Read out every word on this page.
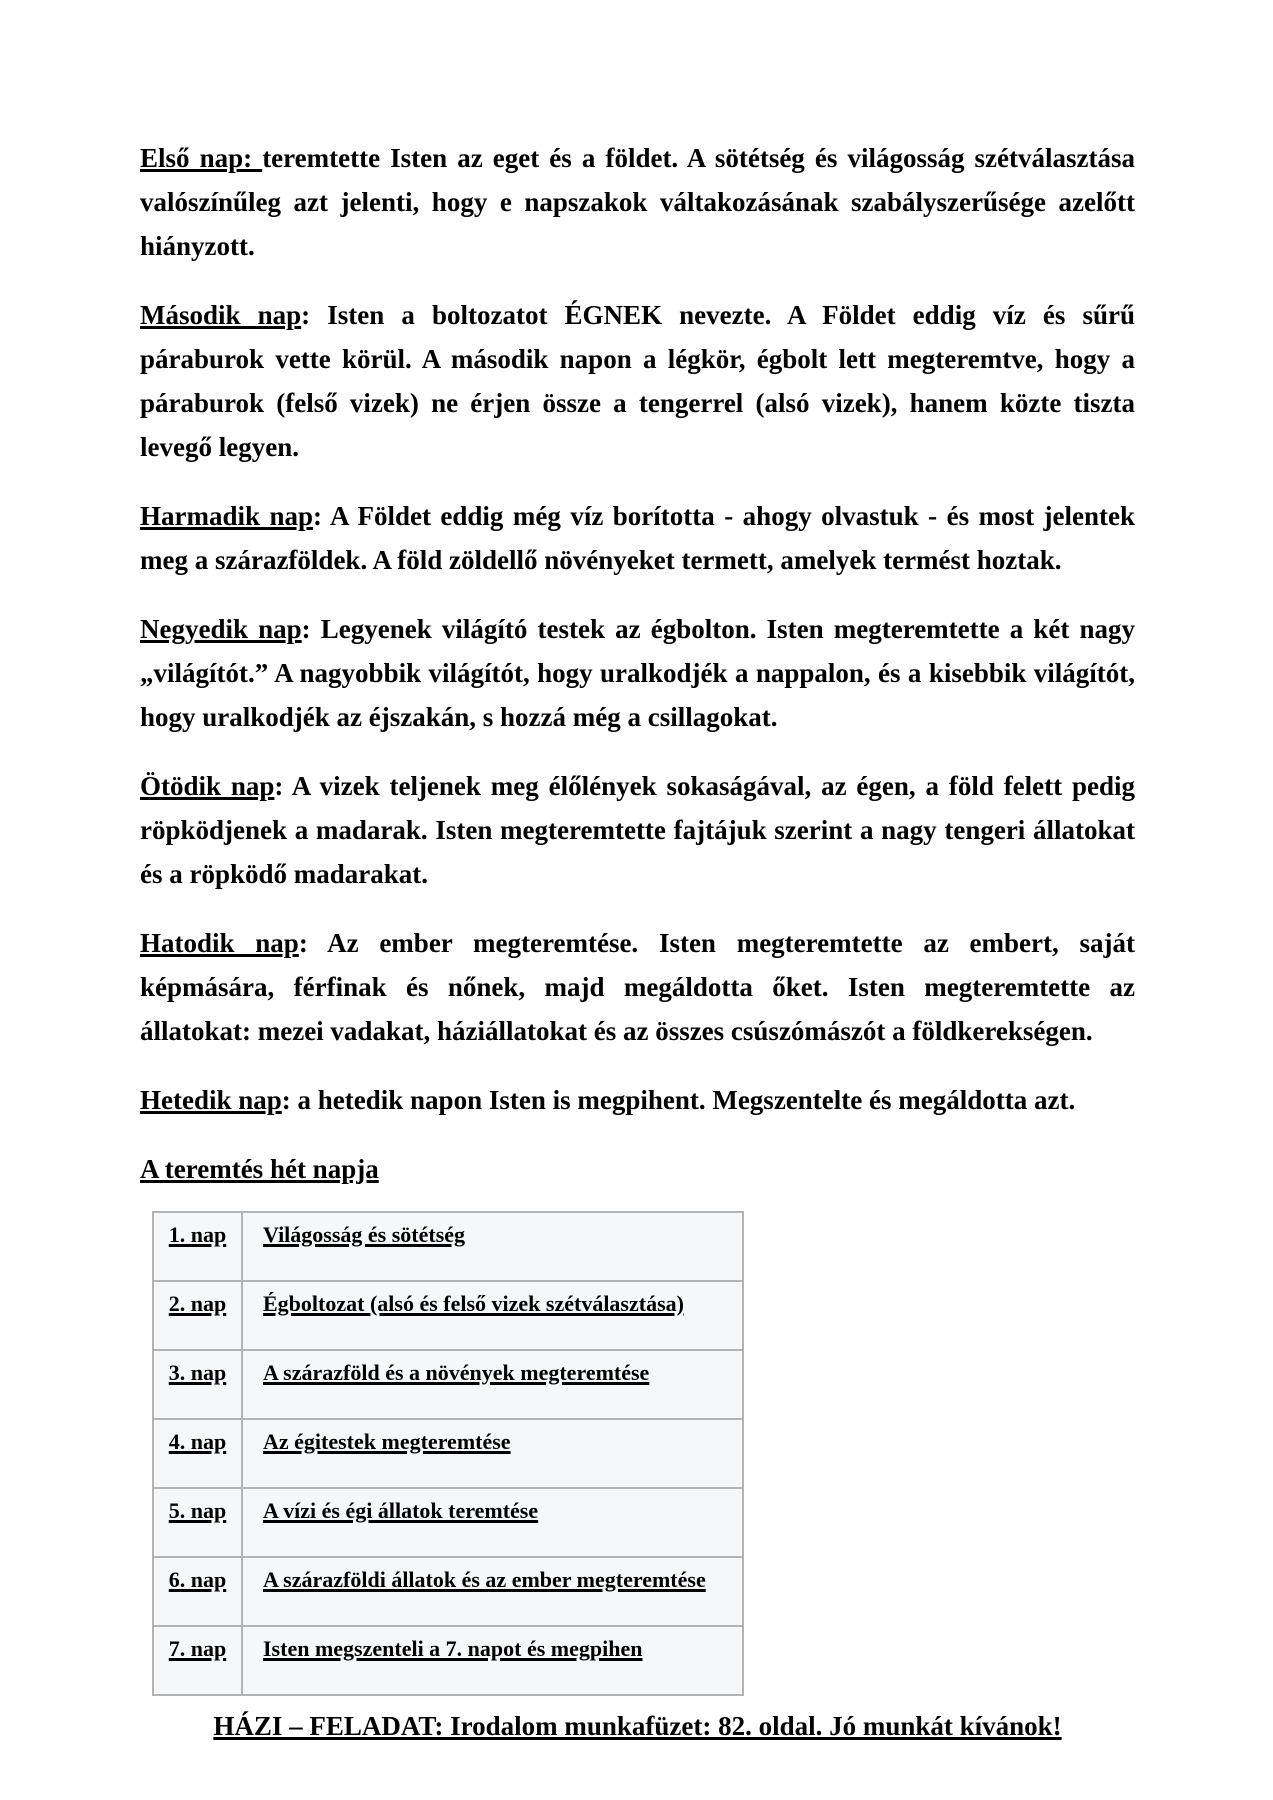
Első nap: teremtette Isten az eget és a földet. A sötétség és világosság szétválasztása valószínűleg azt jelenti, hogy e napszakok váltakozásának szabályszerűsége azelőtt hiányzott.

Második nap: Isten a boltozatot ÉGNEK nevezte. A Földet eddig víz és sűrű páraburok vette körül. A második napon a légkör, égbolt lett megteremtve, hogy a páraburok (felső vizek) ne érjen össze a tengerrel (alsó vizek), hanem közte tiszta levegő legyen.

Harmadik nap: A Földet eddig még víz borította - ahogy olvastuk - és most jelentek meg a szárazföldek. A föld zöldellő növényeket termett, amelyek termést hoztak.

Negyedik nap: Legyenek világító testek az égbolton. Isten megteremtette a két nagy „világítót.” A nagyobbik világítót, hogy uralkodjék a nappalon, és a kisebbik világítót, hogy uralkodjék az éjszakán, s hozzá még a csillagokat.

Ötödik nap: A vizek teljenek meg élőlények sokaságával, az égen, a föld felett pedig röpködjenek a madarak. Isten megteremtette fajtájuk szerint a nagy tengeri állatokat és a röpködő madarakat.

Hatodik nap: Az ember megteremtése. Isten megteremtette az embert, saját képmására, férfinak és nőnek, majd megáldotta őket. Isten megteremtette az állatokat: mezei vadakat, háziállatokat és az összes csúszómászót a földkerekségen.

Hetedik nap: a hetedik napon Isten is megpihent. Megszentelte és megáldotta azt.

A teremtés hét napja
1. nap	Világosság és sötétség
2. nap	Égboltozat (alsó és felső vizek szétválasztása)
3. nap	A szárazföld és a növények megteremtése
4. nap	Az égitestek megteremtése
5. nap	A vízi és égi állatok teremtése
6. nap	A szárazföldi állatok és az ember megteremtése
7. nap	Isten megszenteli a 7. napot és megpihen

HÁZI – FELADAT: Irodalom munkafüzet: 82. oldal. Jó munkát kívánok!
